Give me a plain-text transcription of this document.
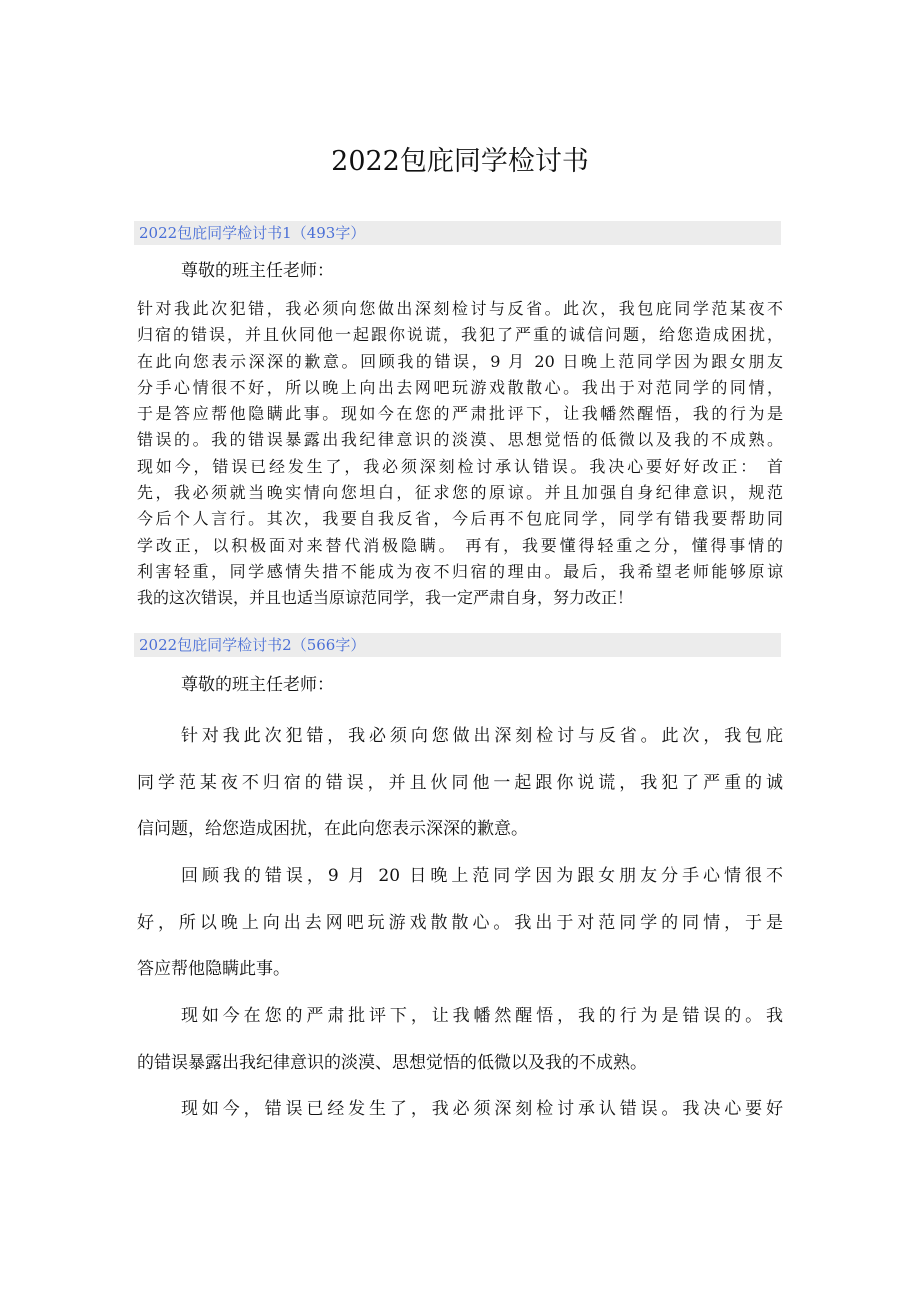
2022包庇同学检讨书
2022包庇同学检讨书1（493字）
尊敬的班主任老师：
针对我此次犯错，我必须向您做出深刻检讨与反省。此次，我包庇同学范某夜不
归宿的错误，并且伙同他一起跟你说谎，我犯了严重的诚信问题，给您造成困扰，
在此向您表示深深的歉意。回顾我的错误，9 月 20 日晚上范同学因为跟女朋友
分手心情很不好，所以晚上向出去网吧玩游戏散散心。我出于对范同学的同情，
于是答应帮他隐瞒此事。现如今在您的严肃批评下，让我幡然醒悟，我的行为是
错误的。我的错误暴露出我纪律意识的淡漠、思想觉悟的低微以及我的不成熟。
现如今，错误已经发生了，我必须深刻检讨承认错误。我决心要好好改正： 首
先，我必须就当晚实情向您坦白，征求您的原谅。并且加强自身纪律意识，规范
今后个人言行。其次，我要自我反省，今后再不包庇同学，同学有错我要帮助同
学改正，以积极面对来替代消极隐瞒。 再有，我要懂得轻重之分，懂得事情的
利害轻重，同学感情失措不能成为夜不归宿的理由。最后，我希望老师能够原谅
我的这次错误，并且也适当原谅范同学，我一定严肃自身，努力改正！
2022包庇同学检讨书2（566字）
尊敬的班主任老师：
针对我此次犯错，我必须向您做出深刻检讨与反省。此次，我包庇
同学范某夜不归宿的错误，并且伙同他一起跟你说谎，我犯了严重的诚
信问题，给您造成困扰，在此向您表示深深的歉意。
回顾我的错误，9 月 20 日晚上范同学因为跟女朋友分手心情很不
好，所以晚上向出去网吧玩游戏散散心。我出于对范同学的同情，于是
答应帮他隐瞒此事。
现如今在您的严肃批评下，让我幡然醒悟，我的行为是错误的。我
的错误暴露出我纪律意识的淡漠、思想觉悟的低微以及我的不成熟。
现如今，错误已经发生了，我必须深刻检讨承认错误。我决心要好
